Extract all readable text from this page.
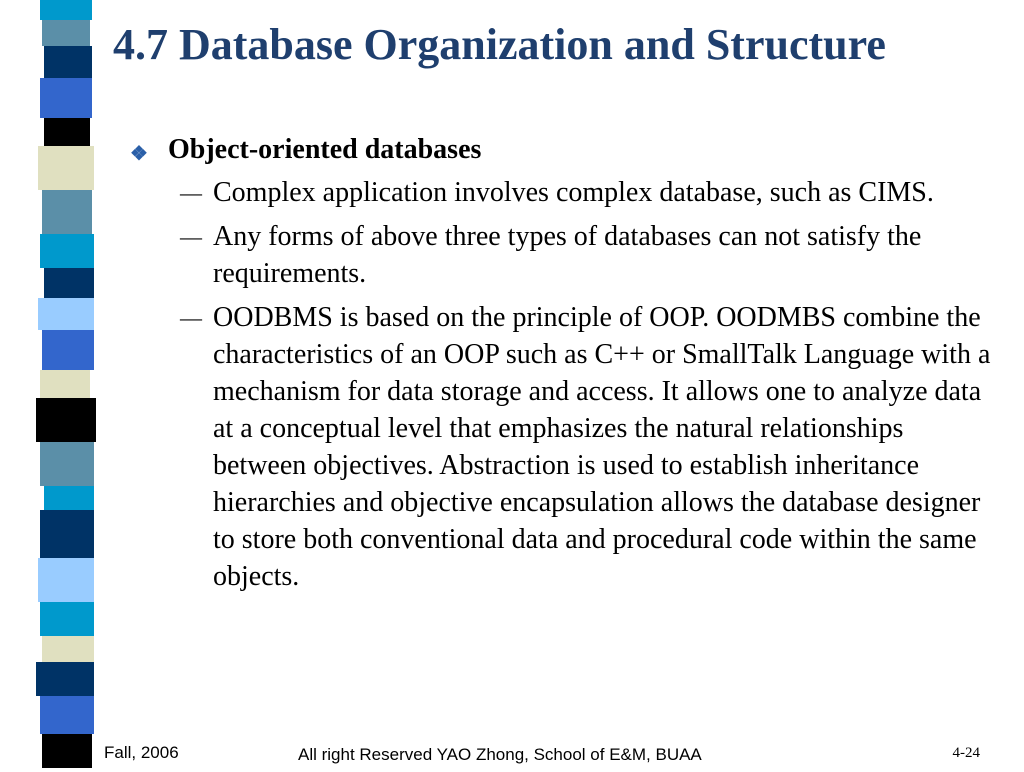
4.7 Database Organization and Structure
❖ Object-oriented databases
— Complex application involves complex database, such as CIMS.
— Any forms of above three types of databases can not satisfy the requirements.
— OODBMS is based on the principle of OOP. OODMBS combine the characteristics of an OOP such as C++ or SmallTalk Language with a mechanism for data storage and access. It allows one to analyze data at a conceptual level that emphasizes the natural relationships between objectives. Abstraction is used to establish inheritance hierarchies and objective encapsulation allows the database designer to store both conventional data and procedural code within the same objects.
Fall, 2006	All right Reserved YAO Zhong, School of E&M, BUAA	4-24
